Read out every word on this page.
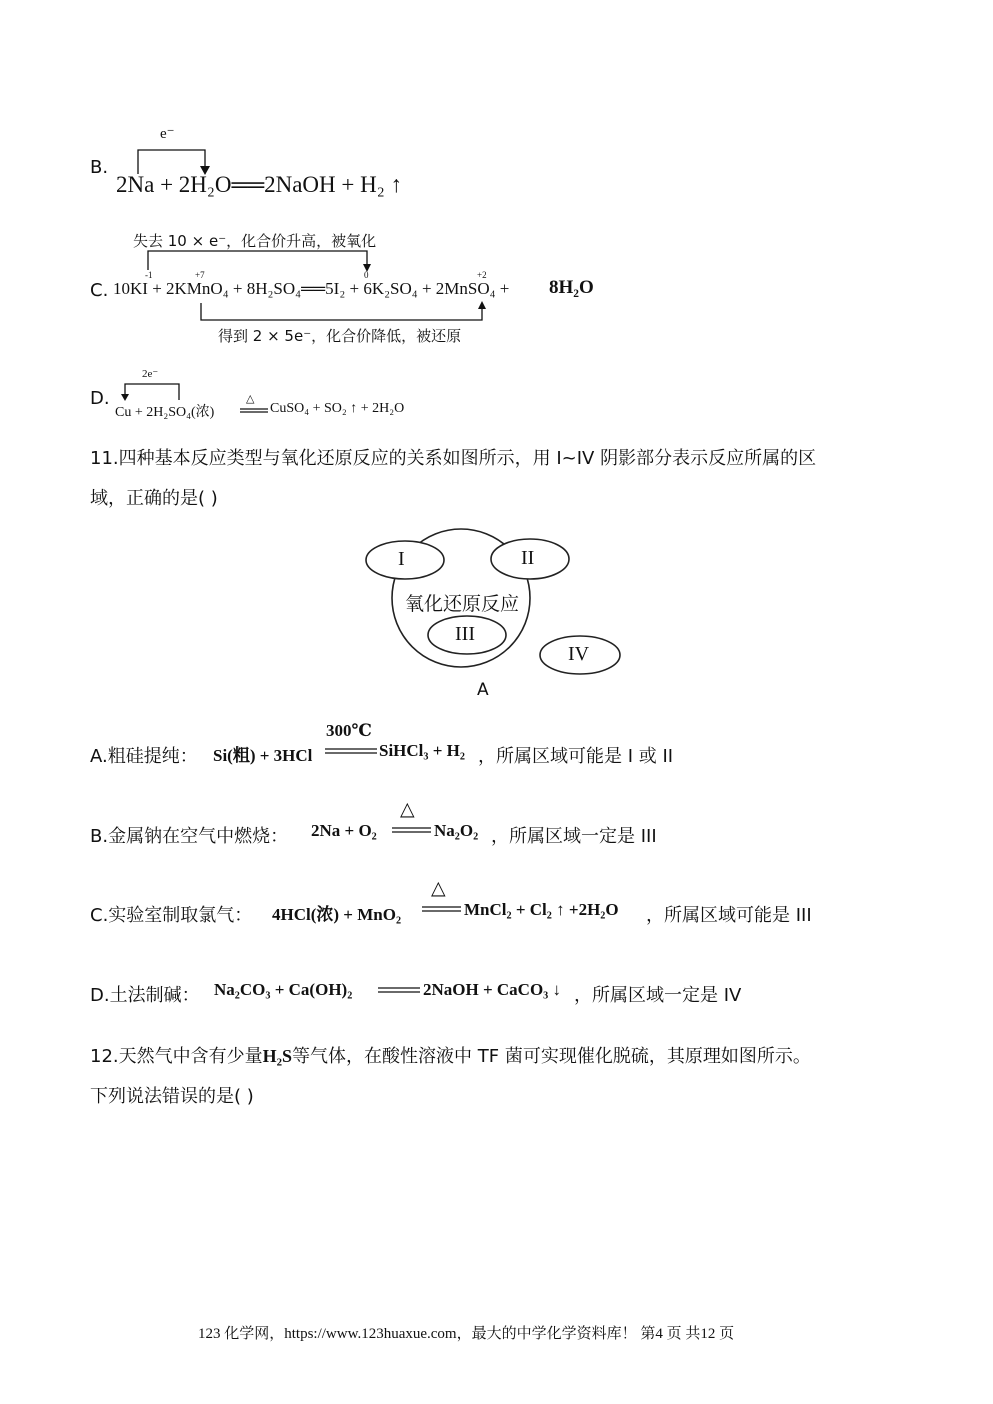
B.
e⁻
2Na + 2H₂O══2NaOH + H₂ ↑
失去 10 × e⁻，化合价升高，被氧化
-1	+7	0	+2
C. 10KI + 2KMnO₄ + 8H₂SO₄══5I₂ + 6K₂SO₄ + 2MnSO₄ + 8H₂O
得到 2 × 5e⁻，化合价降低，被还原
2e⁻
D.
Cu + 2H₂SO₄(浓)
△
CuSO₄ + SO₂ ↑ + 2H₂O
11.四种基本反应类型与氧化还原反应的关系如图所示，用 I~IV 阴影部分表示反应所属的区
域，正确的是( )
I	II
氧化还原反应
III
IV
A
A.粗硅提纯： Si(粗) + 3HCl
300℃
SiHCl₃ + H₂ ，所属区域可能是 I 或 II
B.金属钠在空气中燃烧： 2Na + O₂
△
Na₂O₂ ，所属区域一定是 III
C.实验室制取氯气： 4HCl(浓) + MnO₂
△
MnCl₂ + Cl₂ ↑ +2H₂O ，所属区域可能是 III
D.土法制碱： Na₂CO₃ + Ca(OH)₂	2NaOH + CaCO₃ ↓ ，所属区域一定是 IV
12.天然气中含有少量H₂S等气体，在酸性溶液中 TF 菌可实现催化脱硫，其原理如图所示。
下列说法错误的是( )
123 化学网，https://www.123huaxue.com，最大的中学化学资料库！ 第4 页 共12 页
